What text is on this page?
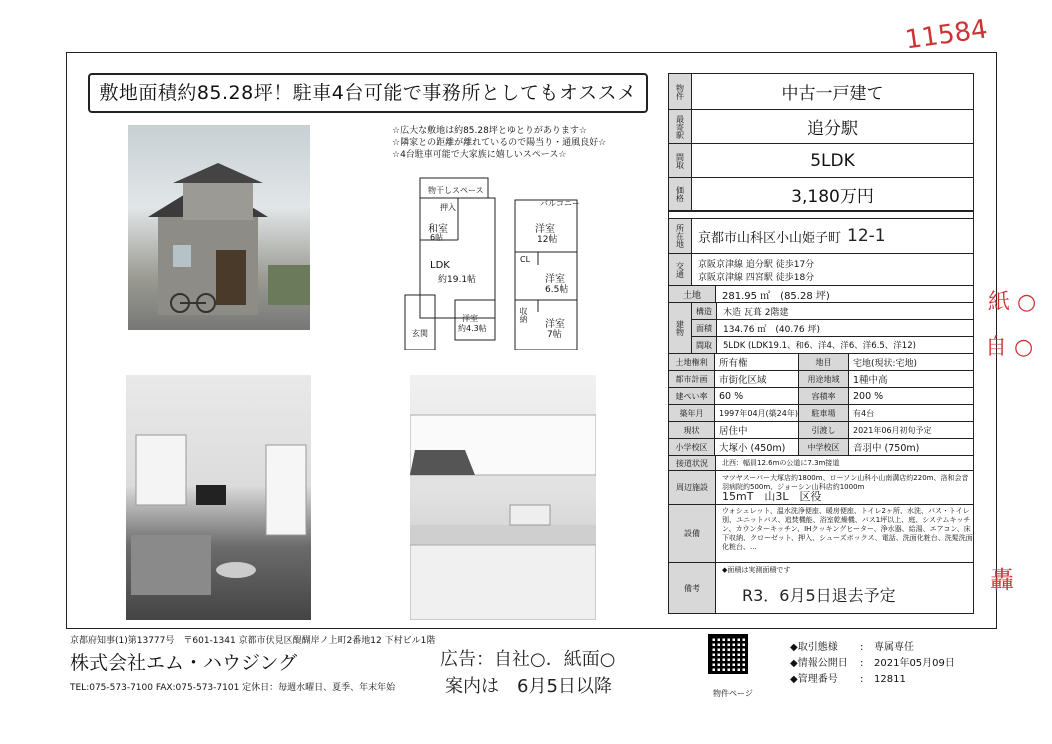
11584
敷地面積約85.28坪！駐車4台可能で事務所としてもオススメ
☆広大な敷地は約85.28坪とゆとりがあります☆
☆隣家との距離が離れているので陽当り・通風良好☆
☆4台駐車可能で大家族に嬉しいスペース☆
物干しスペース
バルコニー
押入
和室
6帖
LDK
約19.1帖
洋室
約4.3帖
玄関
洋室
12帖
洋室
6.5帖
洋室
7帖
CL
収納
物件	中古一戸建て
最寄駅	追分駅
間取	5LDK
価格	3,180万円
所在地	京都市山科区小山姫子町 12-1
交通	京阪京津線 追分駅 徒歩17分
京阪京津線 四宮駅 徒歩18分
土地	281.95 ㎡　(85.28 坪)
建物
構造	木造 瓦葺 2階建
面積	134.76 ㎡　(40.76 坪)
間取	5LDK (LDK19.1、和6、洋4、洋6、洋6.5、洋12)
土地権利	所有権	地目	宅地(現状:宅地)
都市計画	市街化区域	用途地域	1種中高
建ぺい率	60 %	容積率	200 %
築年月	1997年04月(築24年)	駐車場	有4台
現状	居住中	引渡し	2021年06月初旬予定
小学校区	大塚小 (450m)	中学校区	音羽中 (750m)
接道状況	北西：幅員12.6mの公道に7.3m接道
周辺施設
マツヤスーパー大塚店約1800m、ローソン山科小山南溝店約220m、洛和会音羽病院約500m、ジョーシン山科店約1000m
15mT　山3L　区役
設備
ウォシュレット、温水洗浄便座、暖房便座、トイレ2ヶ所、水洗、バス・トイレ別、ユニットバス、追焚機能、浴室乾燥機、バス1坪以上、庭、システムキッチン、カウンターキッチン、IHクッキングヒーター、浄水器、給湯、エアコン、床下収納、クローゼット、押入、シューズボックス、電話、洗面化粧台、洗髪洗面化粧台、...
備考
◆面積は実測面積です
R3．6月5日退去予定
紙 ○
自 ○
轟
京都府知事(1)第13777号　〒601-1341 京都市伏見区醍醐岸ノ上町2番地12 下村ビル1階
株式会社エム・ハウジング
TEL:075-573-7100 FAX:075-573-7101 定休日：毎週水曜日、夏季、年末年始
広告：自社○．紙面○
案内は　6月5日以降	物件ページ
◆取引態様	:	専属専任
◆情報公開日	:	2021年05月09日
◆管理番号	:	12811
